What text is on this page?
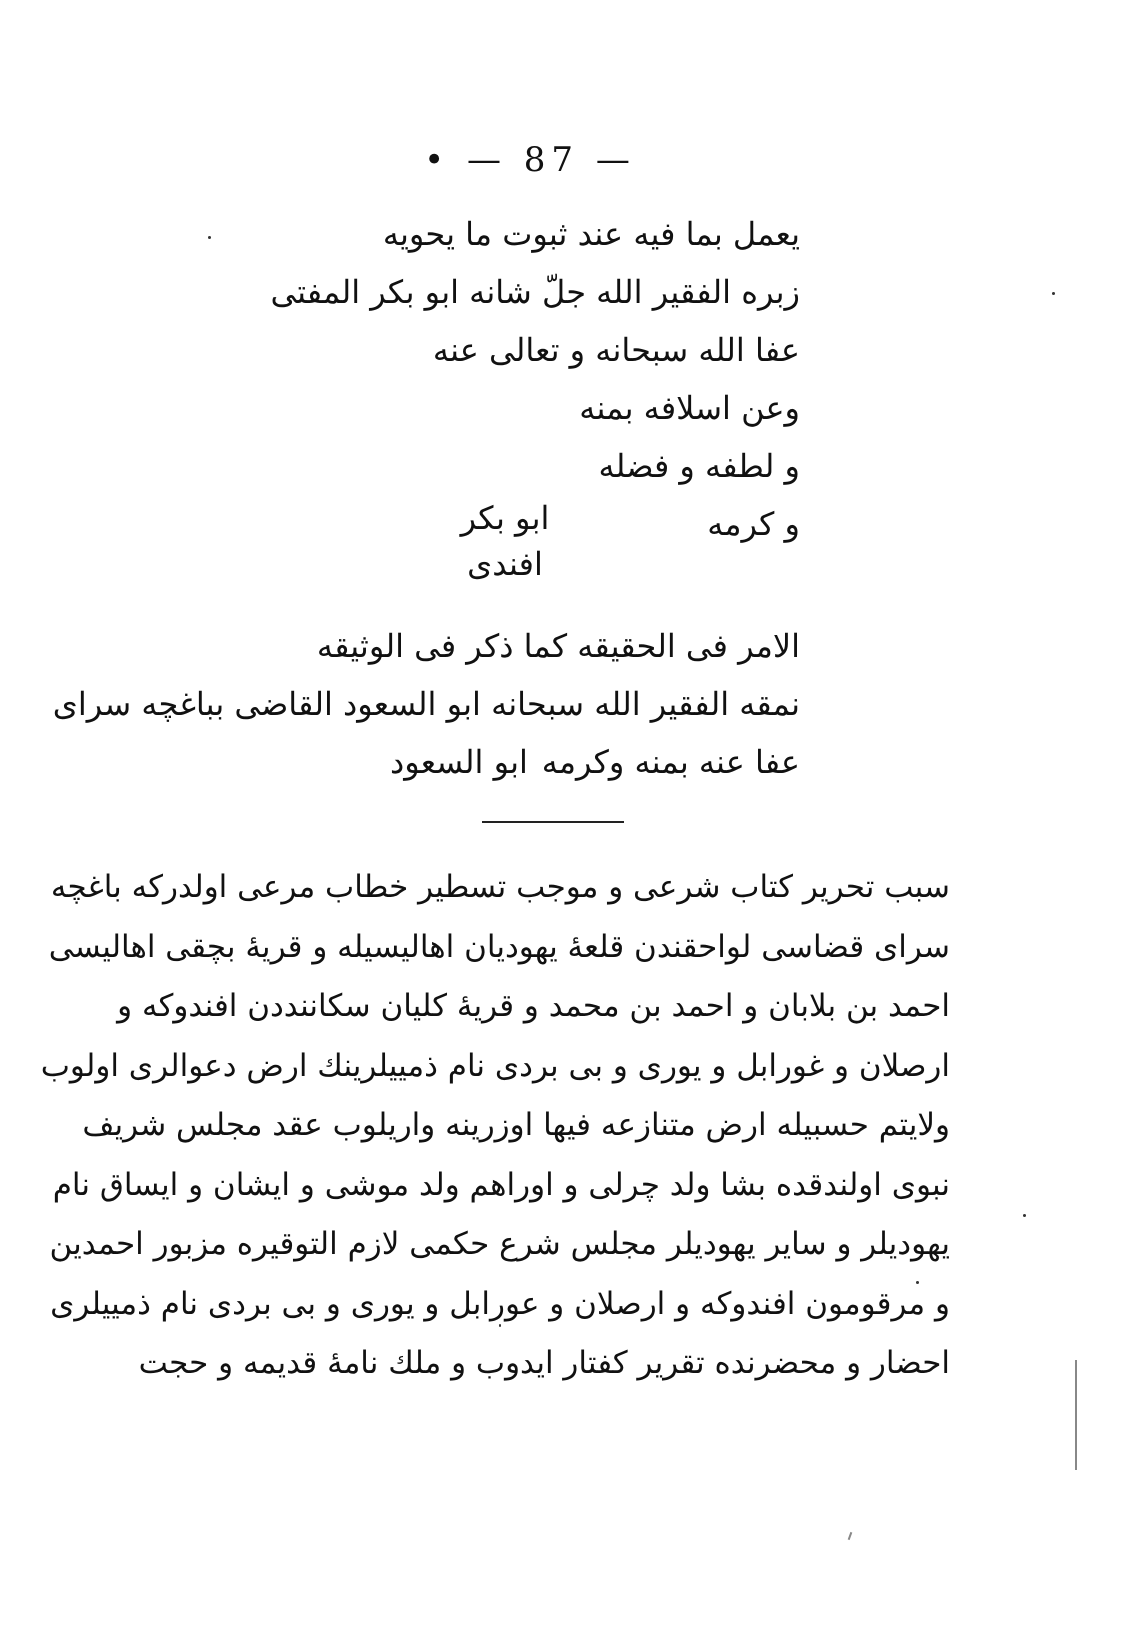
• — 87 —
يعمل بما فيه عند ثبوت ما يحويه
زبره الفقير الله جلّ شانه ابو بكر المفتى
عفا الله سبحانه و تعالى عنه
وعن اسلافه بمنه
و لطفه و فضله
و كرمه
ابو بكر
افندى
الامر فى الحقيقه كما ذكر فى الوثيقه
نمقه الفقير الله سبحانه ابو السعود القاضى بباغچه سراى
عفا عنه بمنه وكرمه
ابو السعود
سبب تحرير كتاب شرعى و موجب تسطير خطاب مرعى اولدركه باغچه
سراى قضاسى لواحقندن قلعهٔ يهوديان اهاليسيله و قريهٔ بچقى اهاليسى
احمد بن بلابان و احمد بن محمد و قريهٔ كليان سكاننددن افندوكه و
ارصلان و غورابل و يورى و بى بردى نام ذمييلرينك ارض دعوالرى اولوب
ولايتم حسبيله ارض متنازعه فيها اوزرينه واريلوب عقد مجلس شريف
نبوى اولندقده بشا ولد چرلى و اوراهم ولد موشى و ايشان و ايساق نام
يهوديلر و ساير يهوديلر مجلس شرع حكمى لازم التوقيره مزبور احمدين
و مرقومون افندوكه و ارصلان و عورابل و يورى و بى بردى نام ذمييلرى
احضار و محضرنده تقرير كفتار ايدوب و ملك نامهٔ قديمه و حجت
